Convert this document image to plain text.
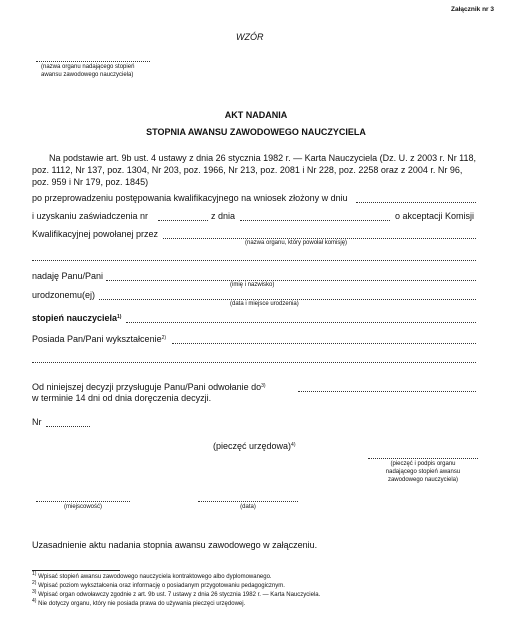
Załącznik nr 3
WZÓR
(nazwa organu nadającego stopień
awansu zawodowego nauczyciela)
AKT NADANIA
STOPNIA AWANSU ZAWODOWEGO NAUCZYCIELA
Na podstawie art. 9b ust. 4 ustawy z dnia 26 stycznia 1982 r. — Karta Nauczyciela (Dz. U. z 2003 r. Nr 118,
poz. 1112, Nr 137, poz. 1304, Nr 203, poz. 1966, Nr 213, poz. 2081 i Nr 228, poz. 2258 oraz z 2004 r. Nr 96,
poz. 959 i Nr 179, poz. 1845)
po przeprowadzeniu postępowania kwalifikacyjnego na wniosek złożony w dniu
i uzyskaniu zaświadczenia nr	z dnia	o akceptacji Komisji
Kwalifikacyjnej powołanej przez
(nazwa organu, który powołał komisję)
nadaję Panu/Pani
(imię i nazwisko)
urodzonemu(ej)
(data i miejsce urodzenia)
stopień nauczyciela$^{1)}$
Posiada Pan/Pani wykształcenie$^{2)}$
Od niniejszej decyzji przysługuje Panu/Pani odwołanie $do^{3)}$
w terminie 14 dni od dnia doręczenia decyzji.
Nr
(pieczęć urzędowa)$^{4)}$
(pieczęć i podpis organu
nadającego stopień awansu
zawodowego nauczyciela)
(miejscowość)	(data)
Uzasadnienie aktu nadania stopnia awansu zawodowego w załączeniu.
$^{1)}$ Wpisać stopień awansu zawodowego nauczyciela kontraktowego albo dyplomowanego.
$^{2)}$ Wpisać poziom wykształcenia oraz informację o posiadanym przygotowaniu pedagogicznym.
$^{3)}$ Wpisać organ odwoławczy zgodnie z art. 9b ust. 7 ustawy z dnia 26 stycznia 1982 r. — Karta Nauczyciela.
$^{4)}$ Nie dotyczy organu, który nie posiada prawa do używania pieczęci urzędowej.
